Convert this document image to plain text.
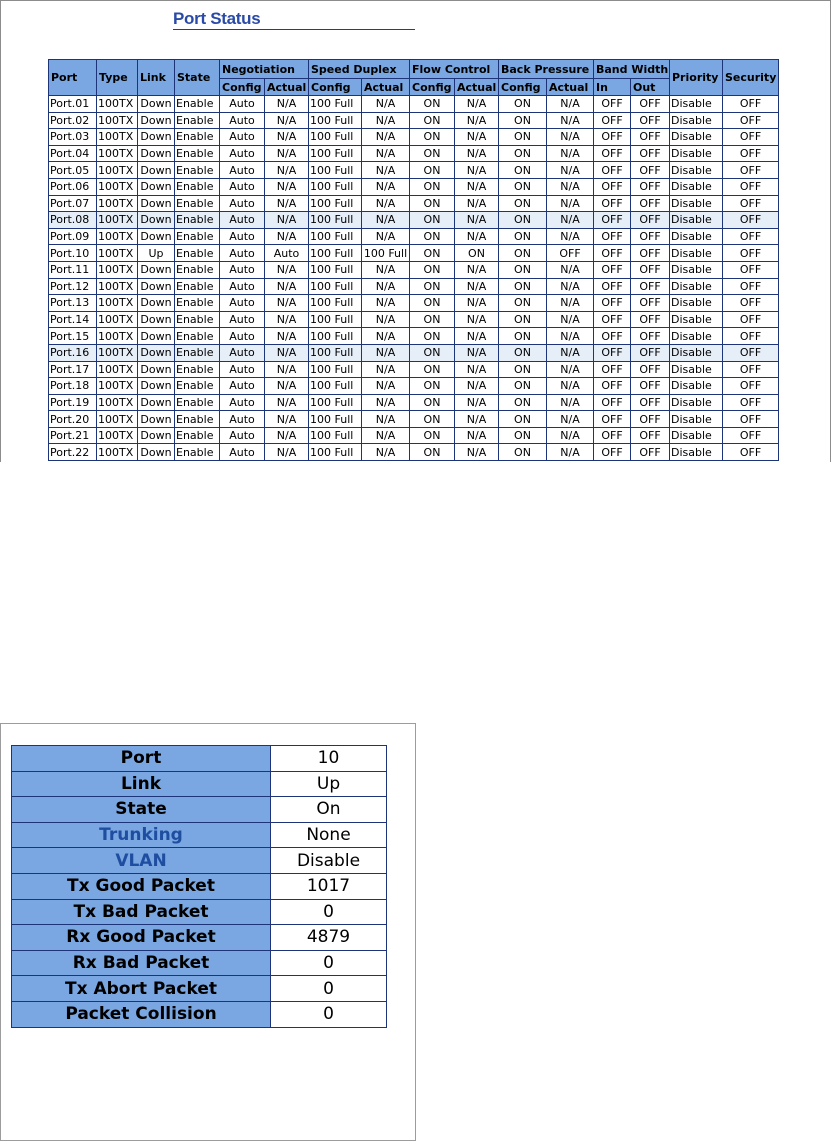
Port Status
Port	Type	Link	State	Negotiation		Speed Duplex		Flow Control		Back Pressure		Band Width		Priority	Security
				Config	Actual	Config	Actual	Config	Actual	Config	Actual	In	Out		
Port.01	100TX	Down	Enable	Auto	N/A	100 Full	N/A	ON	N/A	ON	N/A	OFF	OFF	Disable	OFF
Port.02	100TX	Down	Enable	Auto	N/A	100 Full	N/A	ON	N/A	ON	N/A	OFF	OFF	Disable	OFF
Port.03	100TX	Down	Enable	Auto	N/A	100 Full	N/A	ON	N/A	ON	N/A	OFF	OFF	Disable	OFF
Port.04	100TX	Down	Enable	Auto	N/A	100 Full	N/A	ON	N/A	ON	N/A	OFF	OFF	Disable	OFF
Port.05	100TX	Down	Enable	Auto	N/A	100 Full	N/A	ON	N/A	ON	N/A	OFF	OFF	Disable	OFF
Port.06	100TX	Down	Enable	Auto	N/A	100 Full	N/A	ON	N/A	ON	N/A	OFF	OFF	Disable	OFF
Port.07	100TX	Down	Enable	Auto	N/A	100 Full	N/A	ON	N/A	ON	N/A	OFF	OFF	Disable	OFF
Port.08	100TX	Down	Enable	Auto	N/A	100 Full	N/A	ON	N/A	ON	N/A	OFF	OFF	Disable	OFF
Port.09	100TX	Down	Enable	Auto	N/A	100 Full	N/A	ON	N/A	ON	N/A	OFF	OFF	Disable	OFF
Port.10	100TX	Up	Enable	Auto	Auto	100 Full	100 Full	ON	ON	ON	OFF	OFF	OFF	Disable	OFF
Port.11	100TX	Down	Enable	Auto	N/A	100 Full	N/A	ON	N/A	ON	N/A	OFF	OFF	Disable	OFF
Port.12	100TX	Down	Enable	Auto	N/A	100 Full	N/A	ON	N/A	ON	N/A	OFF	OFF	Disable	OFF
Port.13	100TX	Down	Enable	Auto	N/A	100 Full	N/A	ON	N/A	ON	N/A	OFF	OFF	Disable	OFF
Port.14	100TX	Down	Enable	Auto	N/A	100 Full	N/A	ON	N/A	ON	N/A	OFF	OFF	Disable	OFF
Port.15	100TX	Down	Enable	Auto	N/A	100 Full	N/A	ON	N/A	ON	N/A	OFF	OFF	Disable	OFF
Port.16	100TX	Down	Enable	Auto	N/A	100 Full	N/A	ON	N/A	ON	N/A	OFF	OFF	Disable	OFF
Port.17	100TX	Down	Enable	Auto	N/A	100 Full	N/A	ON	N/A	ON	N/A	OFF	OFF	Disable	OFF
Port.18	100TX	Down	Enable	Auto	N/A	100 Full	N/A	ON	N/A	ON	N/A	OFF	OFF	Disable	OFF
Port.19	100TX	Down	Enable	Auto	N/A	100 Full	N/A	ON	N/A	ON	N/A	OFF	OFF	Disable	OFF
Port.20	100TX	Down	Enable	Auto	N/A	100 Full	N/A	ON	N/A	ON	N/A	OFF	OFF	Disable	OFF
Port.21	100TX	Down	Enable	Auto	N/A	100 Full	N/A	ON	N/A	ON	N/A	OFF	OFF	Disable	OFF
Port.22	100TX	Down	Enable	Auto	N/A	100 Full	N/A	ON	N/A	ON	N/A	OFF	OFF	Disable	OFF
Port	10
Link	Up
State	On
Trunking	None
VLAN	Disable
Tx Good Packet	1017
Tx Bad Packet	0
Rx Good Packet	4879
Rx Bad Packet	0
Tx Abort Packet	0
Packet Collision	0
